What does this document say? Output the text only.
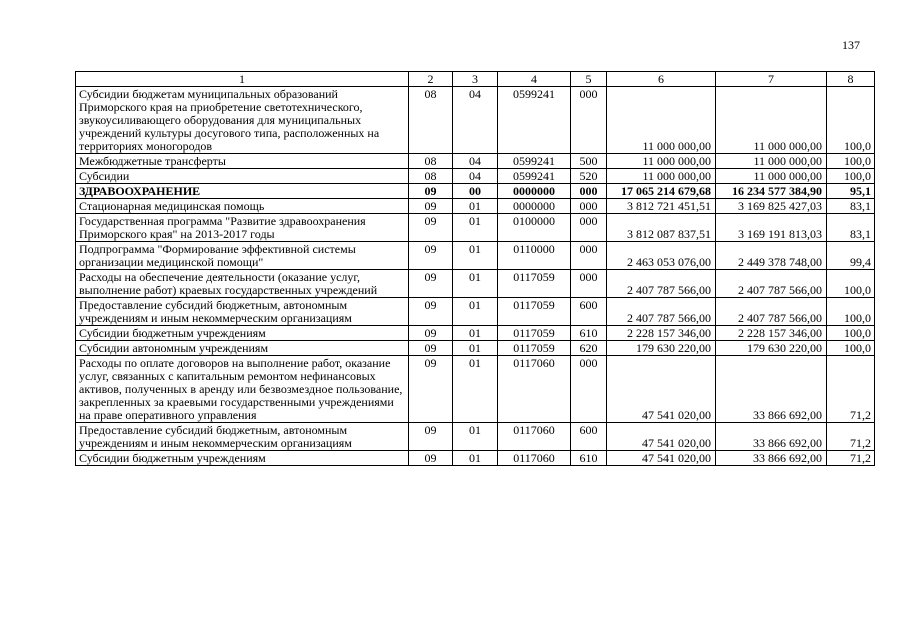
137
1	2	3	4	5	6	7	8
Субсидии бюджетам муниципальных образований Приморского края на приобретение светотехнического, звукоусиливающего оборудования для муниципальных учреждений культуры досугового типа, расположенных на территориях моногородов	08	04	0599241	000	11 000 000,00	11 000 000,00	100,0
Межбюджетные трансферты	08	04	0599241	500	11 000 000,00	11 000 000,00	100,0
Субсидии	08	04	0599241	520	11 000 000,00	11 000 000,00	100,0
ЗДРАВООХРАНЕНИЕ	09	00	0000000	000	17 065 214 679,68	16 234 577 384,90	95,1
Стационарная медицинская помощь	09	01	0000000	000	3 812 721 451,51	3 169 825 427,03	83,1
Государственная программа "Развитие здравоохранения Приморского края" на 2013-2017 годы	09	01	0100000	000	3 812 087 837,51	3 169 191 813,03	83,1
Подпрограмма "Формирование эффективной системы организации медицинской помощи"	09	01	0110000	000	2 463 053 076,00	2 449 378 748,00	99,4
Расходы на обеспечение деятельности (оказание услуг, выполнение работ) краевых государственных учреждений	09	01	0117059	000	2 407 787 566,00	2 407 787 566,00	100,0
Предоставление субсидий бюджетным, автономным учреждениям и иным некоммерческим организациям	09	01	0117059	600	2 407 787 566,00	2 407 787 566,00	100,0
Субсидии бюджетным учреждениям	09	01	0117059	610	2 228 157 346,00	2 228 157 346,00	100,0
Субсидии автономным учреждениям	09	01	0117059	620	179 630 220,00	179 630 220,00	100,0
Расходы по оплате договоров на выполнение работ, оказание услуг, связанных с капитальным ремонтом нефинансовых активов, полученных в аренду или безвозмездное пользование, закрепленных за краевыми государственными учреждениями на праве оперативного управления	09	01	0117060	000	47 541 020,00	33 866 692,00	71,2
Предоставление субсидий бюджетным, автономным учреждениям и иным некоммерческим организациям	09	01	0117060	600	47 541 020,00	33 866 692,00	71,2
Субсидии бюджетным учреждениям	09	01	0117060	610	47 541 020,00	33 866 692,00	71,2
